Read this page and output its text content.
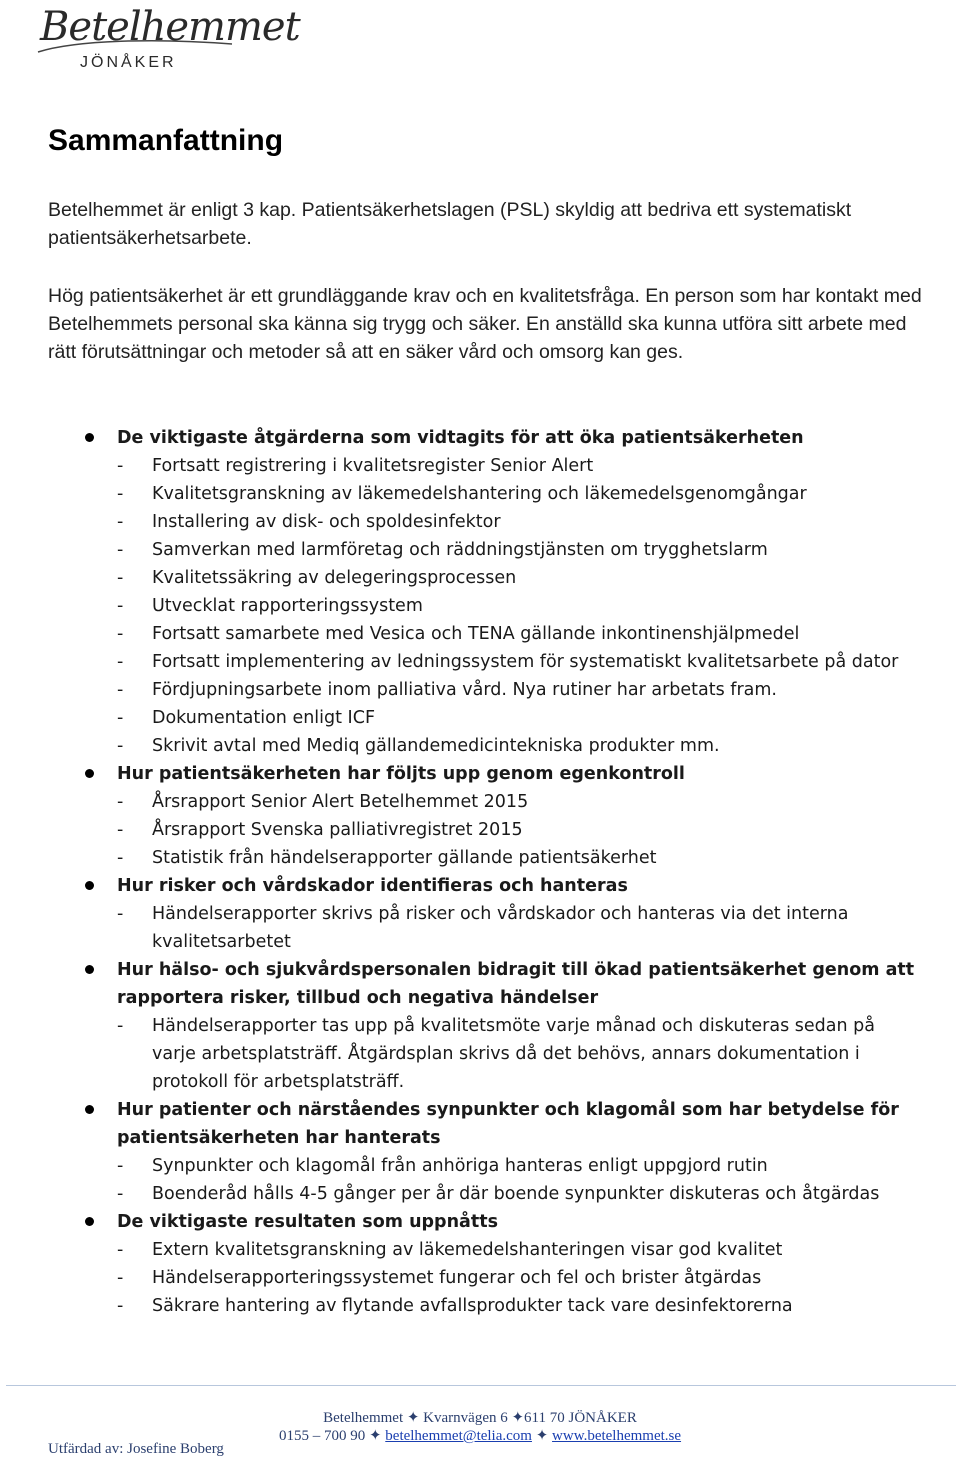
Betelhemmet
JÖNÅKER
Sammanfattning

Betelhemmet är enligt 3 kap. Patientsäkerhetslagen (PSL) skyldig att bedriva ett systematiskt patientsäkerhetsarbete.

Hög patientsäkerhet är ett grundläggande krav och en kvalitetsfråga. En person som har kontakt med Betelhemmets personal ska känna sig trygg och säker. En anställd ska kunna utföra sitt arbete med rätt förutsättningar och metoder så att en säker vård och omsorg kan ges.

De viktigaste åtgärderna som vidtagits för att öka patientsäkerheten

- Fortsatt registrering i kvalitetsregister Senior Alert

- Kvalitetsgranskning av läkemedelshantering och läkemedelsgenomgångar

- Installering av disk- och spoldesinfektor

- Samverkan med larmföretag och räddningstjänsten om trygghetslarm

- Kvalitetssäkring av delegeringsprocessen

- Utvecklat rapporteringssystem

- Fortsatt samarbete med Vesica och TENA gällande inkontinenshjälpmedel

- Fortsatt implementering av ledningssystem för systematiskt kvalitetsarbete på dator

- Fördjupningsarbete inom palliativa vård. Nya rutiner har arbetats fram.

- Dokumentation enligt ICF

- Skrivit avtal med Mediq gällandemedicintekniska produkter mm.

Hur patientsäkerheten har följts upp genom egenkontroll

- Årsrapport Senior Alert Betelhemmet 2015

- Årsrapport Svenska palliativregistret 2015

- Statistik från händelserapporter gällande patientsäkerhet

Hur risker och vårdskador identifieras och hanteras

- Händelserapporter skrivs på risker och vårdskador och hanteras via det interna kvalitetsarbetet

Hur hälso- och sjukvårdspersonalen bidragit till ökad patientsäkerhet genom att rapportera risker, tillbud och negativa händelser

- Händelserapporter tas upp på kvalitetsmöte varje månad och diskuteras sedan på varje arbetsplatsträff. Åtgärdsplan skrivs då det behövs, annars dokumentation i protokoll för arbetsplatsträff.

Hur patienter och närståendes synpunkter och klagomål som har betydelse för patientsäkerheten har hanterats

- Synpunkter och klagomål från anhöriga hanteras enligt uppgjord rutin

- Boenderåd hålls 4-5 gånger per år där boende synpunkter diskuteras och åtgärdas

De viktigaste resultaten som uppnåtts

- Extern kvalitetsgranskning av läkemedelshanteringen visar god kvalitet

- Händelserapporteringssystemet fungerar och fel och brister åtgärdas

- Säkrare hantering av flytande avfallsprodukter tack vare desinfektorerna

Betelhemmet ✦ Kvarnvägen 6 ✦611 70 JÖNÅKER
0155 – 700 90 ✦ betelhemmet@telia.com ✦ www.betelhemmet.se
Utfärdad av: Josefine Boberg
